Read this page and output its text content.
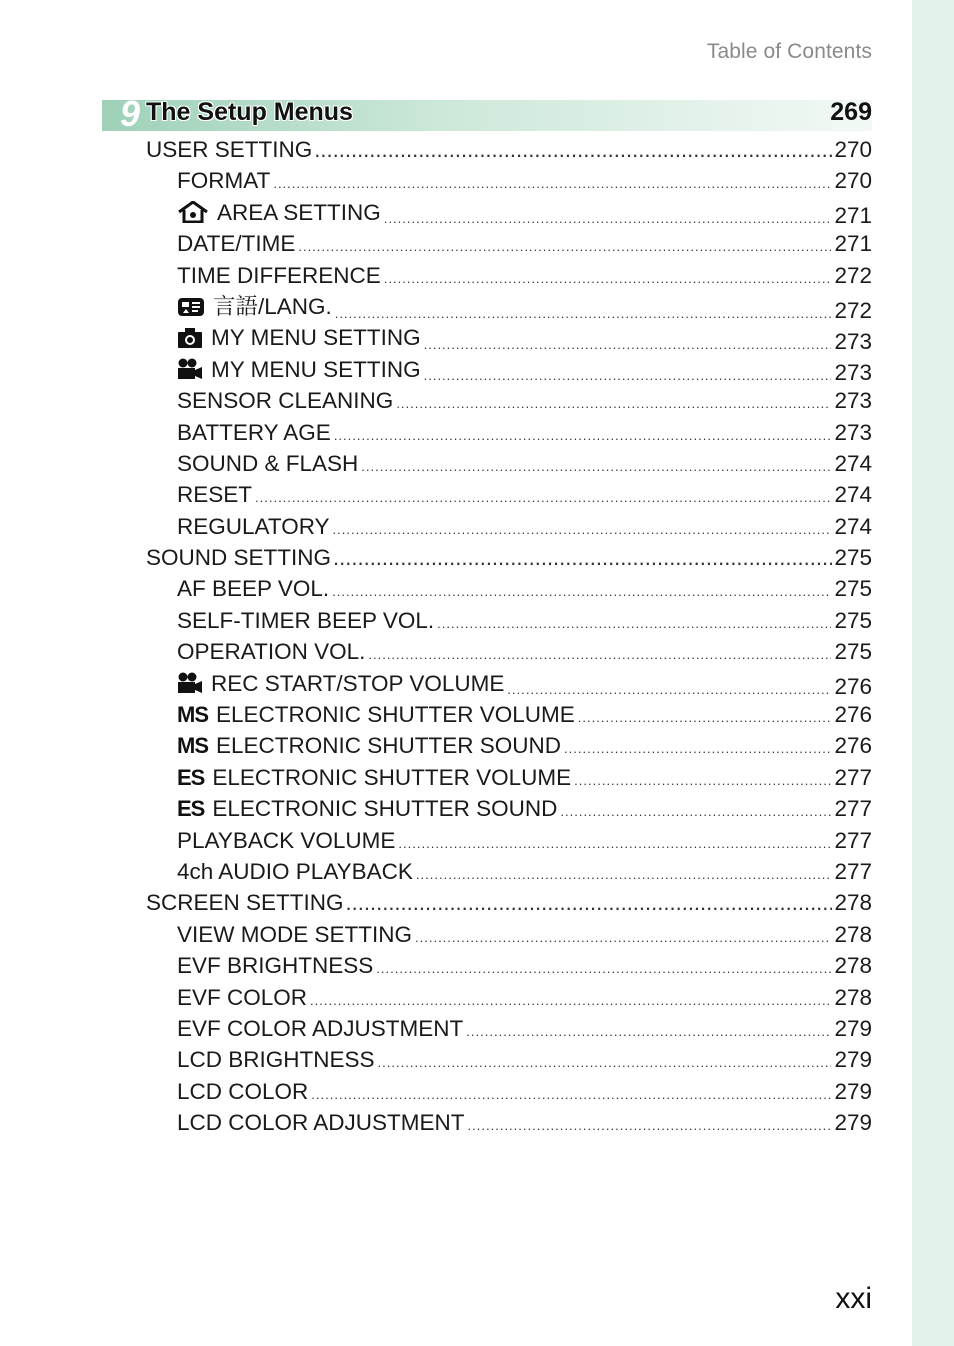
Table of Contents
9 The Setup Menus	269
USER SETTING .....	270
FORMAT .....	270
AREA SETTING .....	271
DATE/TIME .....	271
TIME DIFFERENCE .....	272
言語/LANG. .....	272
MY MENU SETTING .....	273
MY MENU SETTING .....	273
SENSOR CLEANING .....	273
BATTERY AGE .....	273
SOUND & FLASH .....	274
RESET .....	274
REGULATORY .....	274
SOUND SETTING .....	275
AF BEEP VOL. .....	275
SELF-TIMER BEEP VOL. .....	275
OPERATION VOL. .....	275
REC START/STOP VOLUME .....	276
MS ELECTRONIC SHUTTER VOLUME .....	276
MS ELECTRONIC SHUTTER SOUND .....	276
ES ELECTRONIC SHUTTER VOLUME .....	277
ES ELECTRONIC SHUTTER SOUND .....	277
PLAYBACK VOLUME .....	277
4ch AUDIO PLAYBACK .....	277
SCREEN SETTING .....	278
VIEW MODE SETTING .....	278
EVF BRIGHTNESS .....	278
EVF COLOR .....	278
EVF COLOR ADJUSTMENT .....	279
LCD BRIGHTNESS .....	279
LCD COLOR .....	279
LCD COLOR ADJUSTMENT .....	279
xxi
